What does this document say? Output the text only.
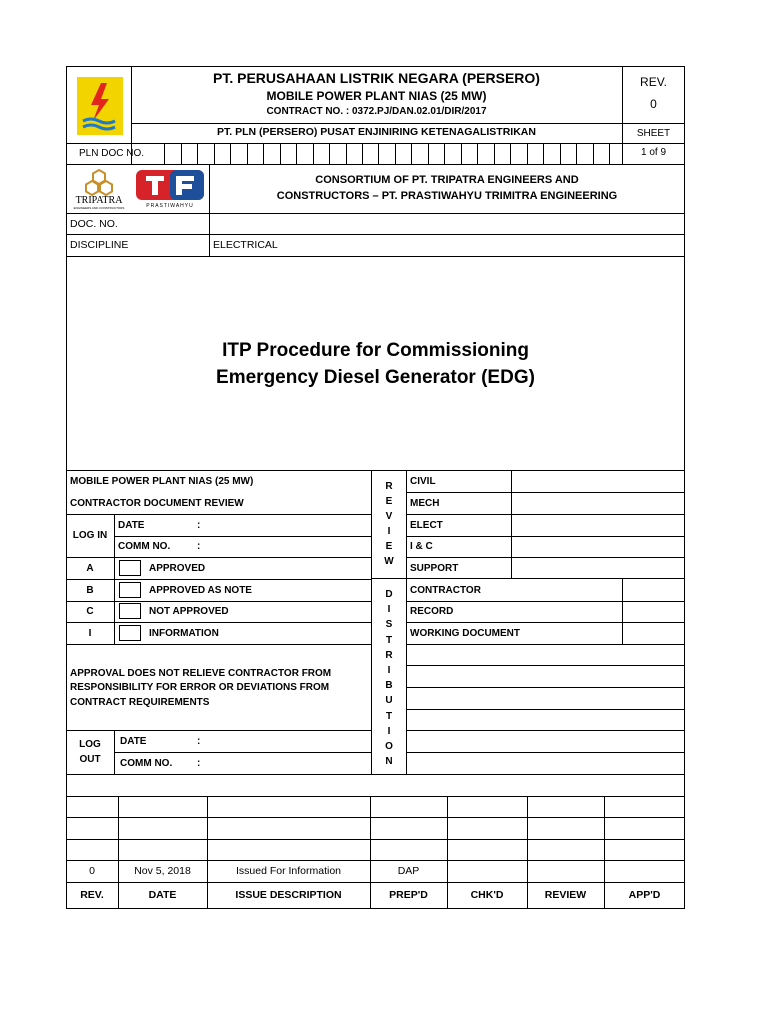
PT. PERUSAHAAN LISTRIK NEGARA (PERSERO)
MOBILE POWER PLANT NIAS (25 MW)
CONTRACT NO. : 0372.PJ/DAN.02.01/DIR/2017
PT. PLN (PERSERO) PUSAT ENJINIRING KETENAGALISTRIKAN
REV.
0
SHEET
1 of 9
PLN DOC NO.
TRIPATRA
ENGINEERS AND CONSTRUCTORS	PRASTIWAHYU
CONSORTIUM OF PT. TRIPATRA ENGINEERS AND
CONSTRUCTORS – PT. PRASTIWAHYU TRIMITRA ENGINEERING
DOC. NO.
DISCIPLINE	ELECTRICAL
ITP Procedure for Commissioning
Emergency Diesel Generator (EDG)
MOBILE POWER PLANT NIAS (25 MW)
CONTRACTOR DOCUMENT REVIEW
LOG IN
DATE	:
COMM NO.	:
A	APPROVED
B	APPROVED AS NOTE
C	NOT APPROVED
I	INFORMATION
APPROVAL DOES NOT RELIEVE CONTRACTOR FROM
RESPONSIBILITY FOR ERROR OR DEVIATIONS FROM
CONTRACT REQUIREMENTS
LOG
OUT
DATE	:
COMM NO. :
R
E
V
I
E
W
D
I
S
T
R
I
B
U
T
I
O
N
CIVIL
MECH
ELECT
I & C
SUPPORT
CONTRACTOR
RECORD
WORKING DOCUMENT
0	Nov 5, 2018	Issued For Information	DAP
REV.	DATE	ISSUE DESCRIPTION	PREP'D	CHK'D	REVIEW	APP'D
